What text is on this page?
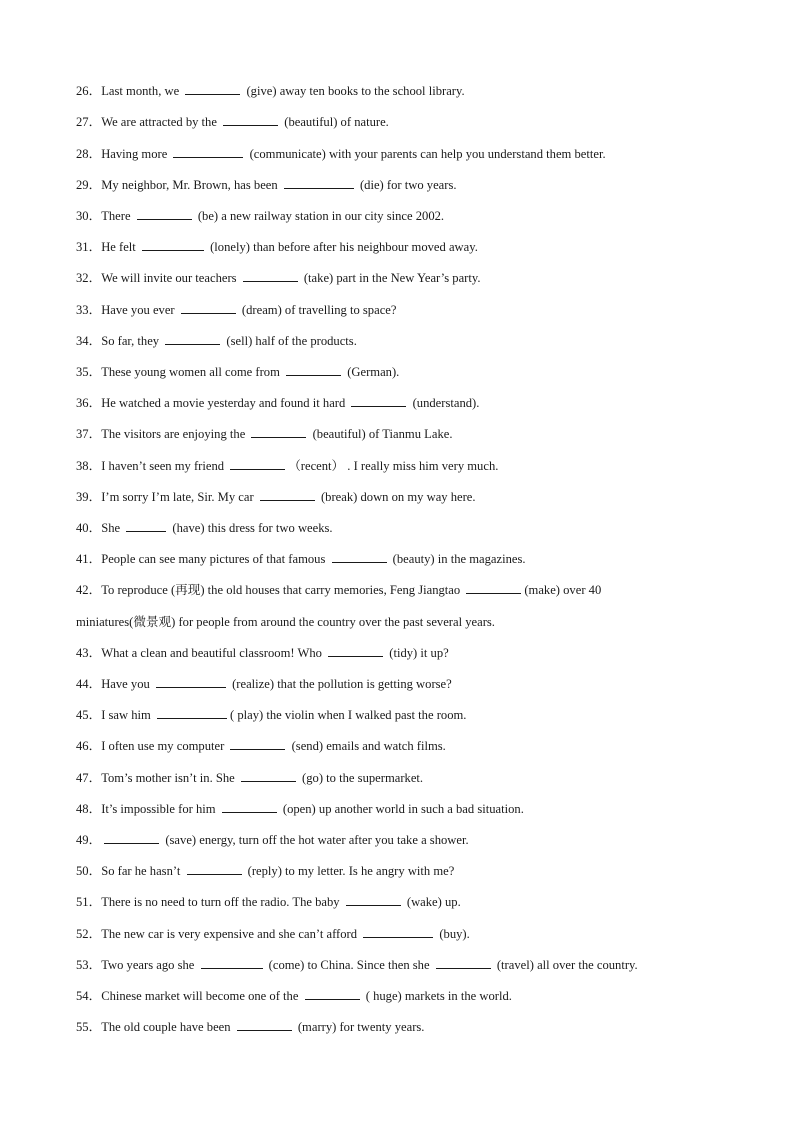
26．Last month, we	(give) away ten books to the school library.
27．We are attracted by the	(beautiful) of nature.
28．Having more	(communicate) with your parents can help you understand them better.
29．My neighbor, Mr. Brown, has been	(die) for two years.
30．There	(be) a new railway station in our city since 2002.
31．He felt	(lonely) than before after his neighbour moved away.
32．We will invite our teachers	(take) part in the New Year’s party.
33．Have you ever	(dream) of travelling to space?
34．So far, they	(sell) half of the products.
35．These young women all come from	(German).
36．He watched a movie yesterday and found it hard	(understand).
37．The visitors are enjoying the	(beautiful) of Tianmu Lake.
38．I haven’t seen my friend	（recent） . I really miss him very much.
39．I’m sorry I’m late, Sir. My car	(break) down on my way here.
40．She	(have) this dress for two weeks.
41．People can see many pictures of that famous	(beauty) in the magazines.
42．To reproduce (再现) the old houses that carry memories, Feng Jiangtao	(make) over 40
miniatures(微景观) for people from around the country over the past several years.
43．What a clean and beautiful classroom! Who	(tidy) it up?
44．Have you	(realize) that the pollution is getting worse?
45．I saw him	( play) the violin when I walked past the room.
46．I often use my computer	(send) emails and watch films.
47．Tom’s mother isn’t in. She	(go) to the supermarket.
48．It’s impossible for him	(open) up another world in such a bad situation.
49．	(save) energy, turn off the hot water after you take a shower.
50．So far he hasn’t	(reply) to my letter. Is he angry with me?
51．There is no need to turn off the radio. The baby	(wake) up.
52．The new car is very expensive and she can’t afford	(buy).
53．Two years ago she	(come) to China. Since then she	(travel) all over the country.
54．Chinese market will become one of the	( huge) markets in the world.
55．The old couple have been	(marry) for twenty years.
